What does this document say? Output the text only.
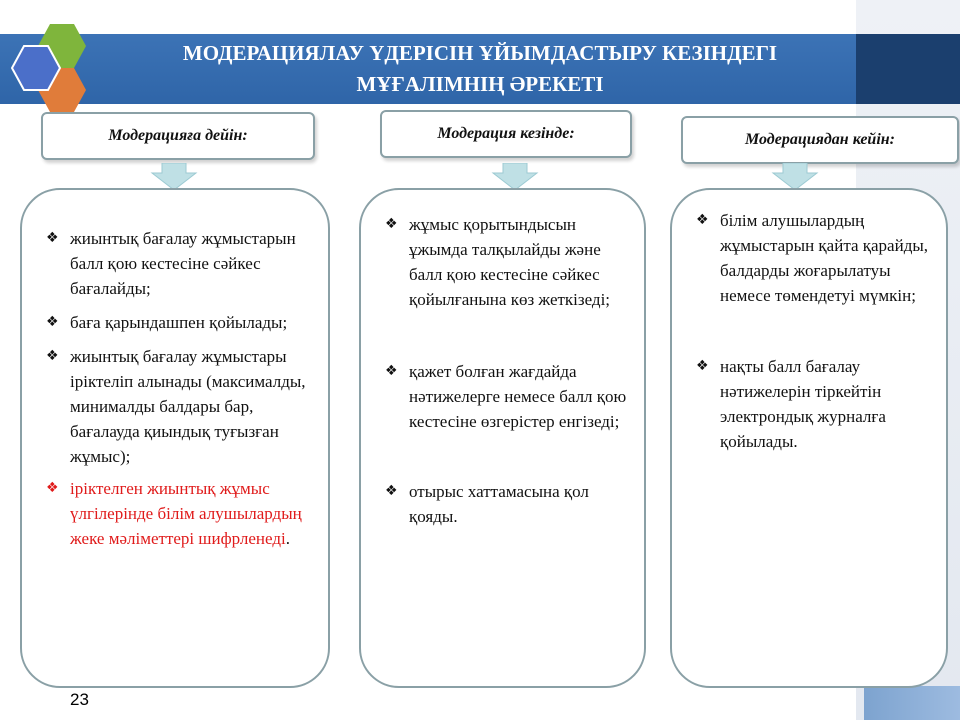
МОДЕРАЦИЯЛАУ ҮДЕРІСІН ҰЙЫМДАСТЫРУ КЕЗІНДЕГІ МҰҒАЛІМНІҢ ӘРЕКЕТІ
Модерацияға дейін:	Модерация кезінде:	Модерациядан кейін:
❖ жиынтық бағалау жұмыстарын балл қою кестесіне сәйкес бағалайды;
❖ баға қарындашпен қойылады;
❖ жиынтық бағалау жұмыстары іріктеліп алынады (максималды, минималды балдары бар, бағалауда қиындық туғызған жұмыс);
❖ іріктелген жиынтық жұмыс үлгілерінде білім алушылардың жеке мәліметтері шифрленеді.
❖ жұмыс қорытындысын ұжымда талқылайды және балл қою кестесіне сәйкес қойылғанына көз жеткізеді;
❖ қажет болған жағдайда нәтижелерге немесе балл қою кестесіне өзгерістер енгізеді;
❖ отырыс хаттамасына қол қояды.
❖ білім алушылардың жұмыстарын қайта қарайды, балдарды жоғарылатуы немесе төмендетуі мүмкін;
❖ нақты балл бағалау нәтижелерін тіркейтін электрондық журналға қойылады.
23
